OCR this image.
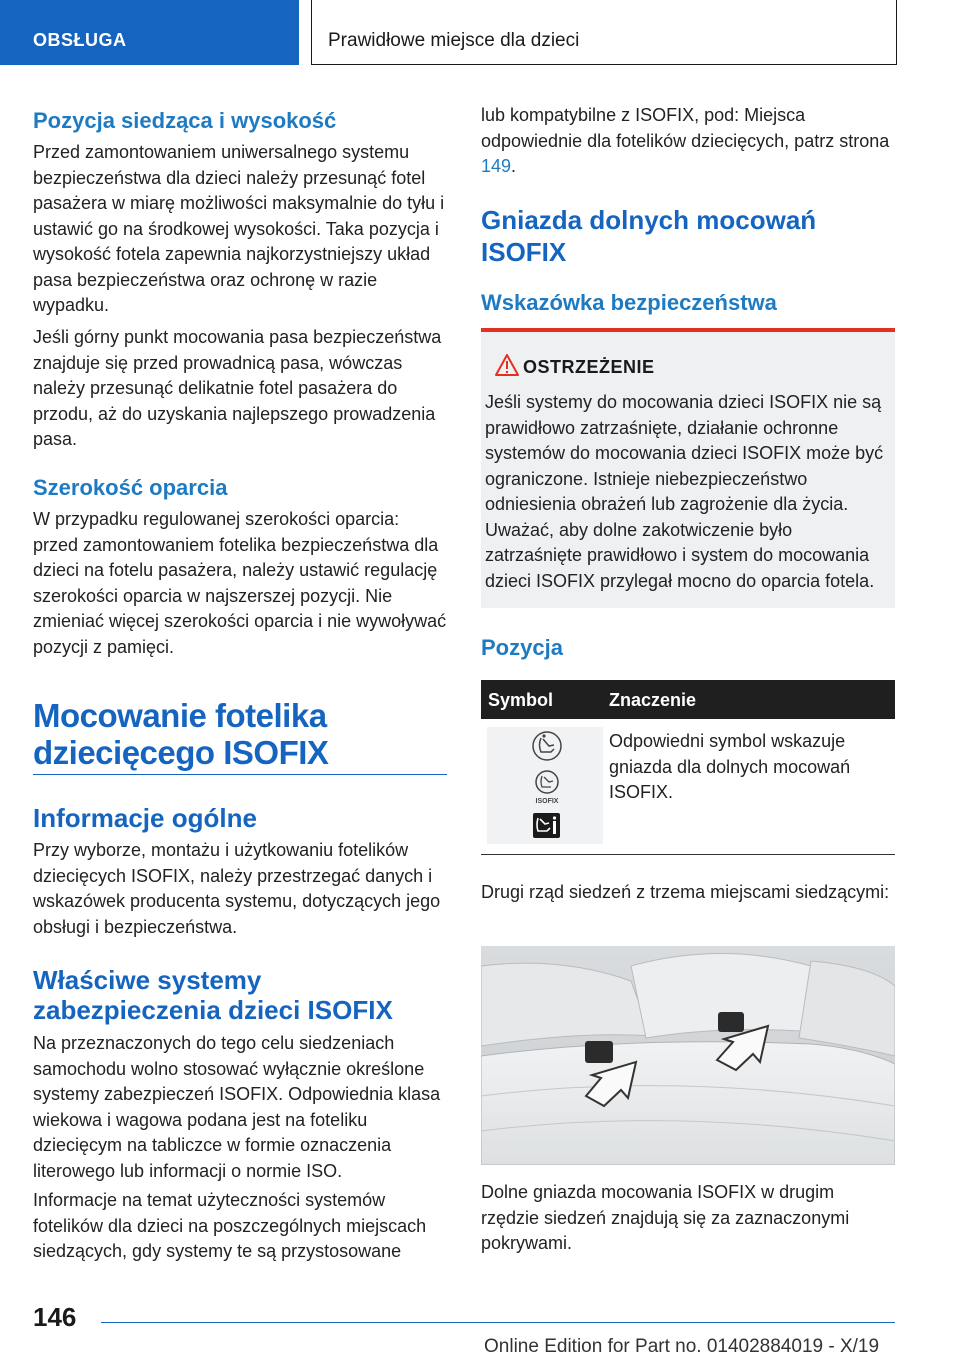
OBSŁUGA	Prawidłowe miejsce dla dzieci
Pozycja siedząca i wysokość
Przed zamontowaniem uniwersalnego systemu bezpieczeństwa dla dzieci należy przesunąć fotel pasażera w miarę możliwości maksymalnie do tyłu i ustawić go na środkowej wysokości. Taka pozycja i wysokość fotela zapewnia najkorzystniejszy układ pasa bezpieczeństwa oraz ochronę w razie wypadku.
Jeśli górny punkt mocowania pasa bezpieczeństwa znajduje się przed prowadnicą pasa, wówczas należy przesunąć delikatnie fotel pasażera do przodu, aż do uzyskania najlepszego prowadzenia pasa.
Szerokość oparcia
W przypadku regulowanej szerokości oparcia: przed zamontowaniem fotelika bezpieczeństwa dla dzieci na fotelu pasażera, należy ustawić regulację szerokości oparcia w najszerszej pozycji. Nie zmieniać więcej szerokości oparcia i nie wywoływać pozycji z pamięci.
Mocowanie fotelika
dziecięcego ISOFIX
Informacje ogólne
Przy wyborze, montażu i użytkowaniu fotelików dziecięcych ISOFIX, należy przestrzegać danych i wskazówek producenta systemu, dotyczących jego obsługi i bezpieczeństwa.
Właściwe systemy
zabezpieczenia dzieci ISOFIX
Na przeznaczonych do tego celu siedzeniach samochodu wolno stosować wyłącznie określone systemy zabezpieczeń ISOFIX. Odpowiednia klasa wiekowa i wagowa podana jest na foteliku dziecięcym na tabliczce w formie oznaczenia literowego lub informacji o normie ISO.
Informacje na temat użyteczności systemów fotelików dla dzieci na poszczególnych miejscach siedzących, gdy systemy te są przystosowane
lub kompatybilne z ISOFIX, pod: Miejsca odpowiednie dla fotelików dziecięcych, patrz strona 149.
Gniazda dolnych mocowań
ISOFIX
Wskazówka bezpieczeństwa
Pozycja
Drugi rząd siedzeń z trzema miejscami siedzącymi:
Dolne gniazda mocowania ISOFIX w drugim rzędzie siedzeń znajdują się za zaznaczonymi pokrywami.
OSTRZEŻENIE
Jeśli systemy do mocowania dzieci ISOFIX nie są prawidłowo zatrzaśnięte, działanie ochronne systemów do mocowania dzieci ISOFIX może być ograniczone. Istnieje niebezpieczeństwo odniesienia obrażeń lub zagrożenie dla życia. Uważać, aby dolne zakotwiczenie było zatrzaśnięte prawidłowo i system do mocowania dzieci ISOFIX przylegał mocno do oparcia fotela.
Symbol	Znaczenie
ISOFIX
Odpowiedni symbol wskazuje gniazda dla dolnych mocowań ISOFIX.
146
Online Edition for Part no. 01402884019 - X/19
